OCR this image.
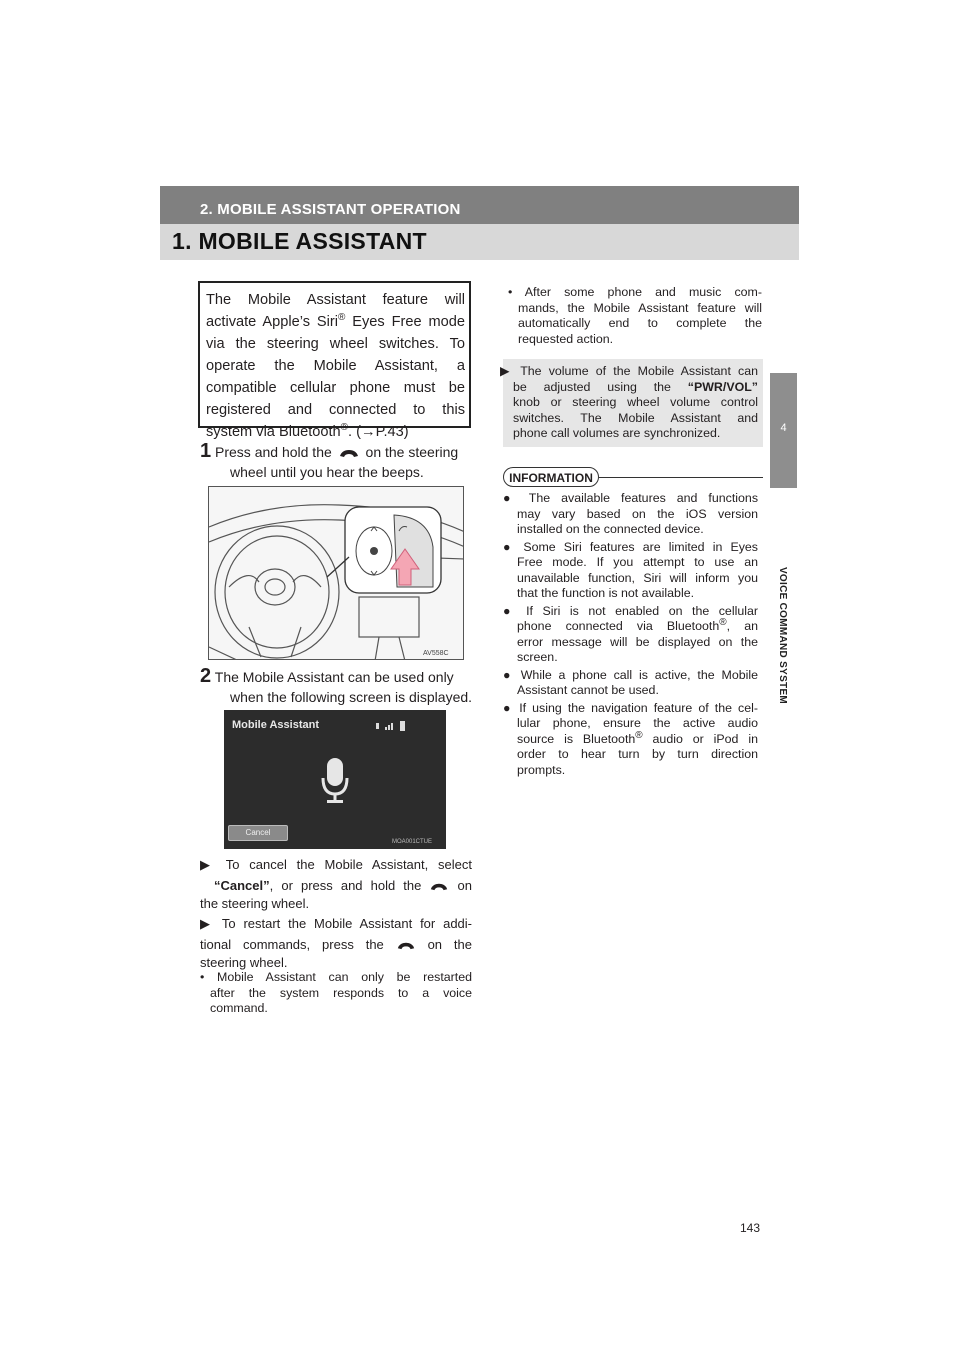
2. MOBILE ASSISTANT OPERATION
1. MOBILE ASSISTANT
4
VOICE COMMAND SYSTEM
The Mobile Assistant feature will
activate Apple’s Siri® Eyes Free mode
via the steering wheel switches. To
operate the Mobile Assistant, a
compatible cellular phone must be
registered and connected to this
system via Bluetooth®. (→P.43)
1 Press and hold the on the steering
wheel until you hear the beeps.
AV558C
2 The Mobile Assistant can be used only
when the following screen is displayed.
Mobile Assistant
Cancel
MOA001CTUE
▶ To cancel the Mobile Assistant, select
“Cancel”, or press and hold the	on
the steering wheel.
▶ To restart the Mobile Assistant for addi-
tional commands, press the	on the
steering wheel.
• Mobile Assistant can only be restarted
after the system responds to a voice
command.
• After some phone and music com-
mands, the Mobile Assistant feature will
automatically end to complete the
requested action.
▶ The volume of the Mobile Assistant can
be adjusted using the “PWR/VOL”
knob or steering wheel volume control
switches. The Mobile Assistant and
phone call volumes are synchronized.
INFORMATION
● The available features and functions
may vary based on the iOS version
installed on the connected device.
● Some Siri features are limited in Eyes
Free mode. If you attempt to use an
unavailable function, Siri will inform you
that the function is not available.
● If Siri is not enabled on the cellular
phone connected via Bluetooth®, an
error message will be displayed on the
screen.
● While a phone call is active, the Mobile
Assistant cannot be used.
● If using the navigation feature of the cel-
lular phone, ensure the active audio
source is Bluetooth® audio or iPod in
order to hear turn by turn direction
prompts.
143
